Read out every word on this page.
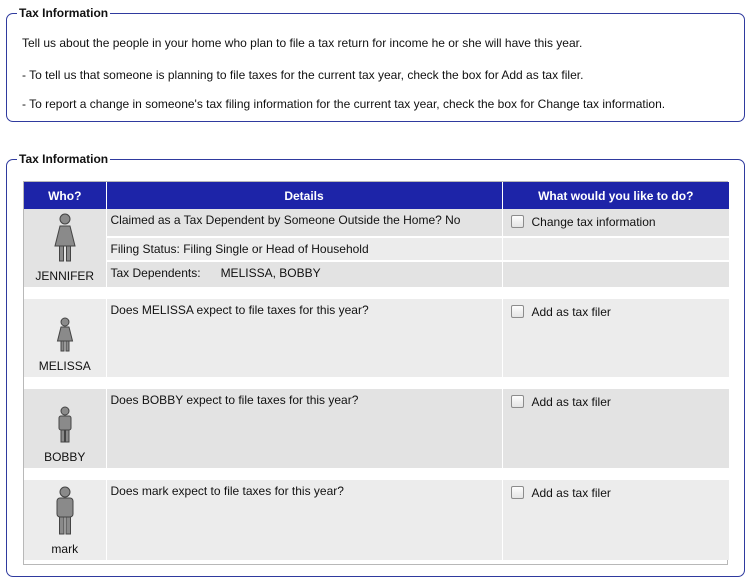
Tax Information

Tell us about the people in your home who plan to file a tax return for income he or she will have this year.

- To tell us that someone is planning to file taxes for the current tax year, check the box for Add as tax filer.

- To report a change in someone's tax filing information for the current tax year, check the box for Change tax information.

Tax Information
Who?	Details	What would you like to do?

JENNIFER	Claimed as a Tax Dependent by Someone Outside the Home? No	Change tax information
	Filing Status: Filing Single or Head of Household	
	Tax Dependents:      MELISSA, BOBBY	

MELISSA	Does MELISSA expect to file taxes for this year?	Add as tax filer

BOBBY	Does BOBBY expect to file taxes for this year?	Add as tax filer

mark	Does mark expect to file taxes for this year?	Add as tax filer
